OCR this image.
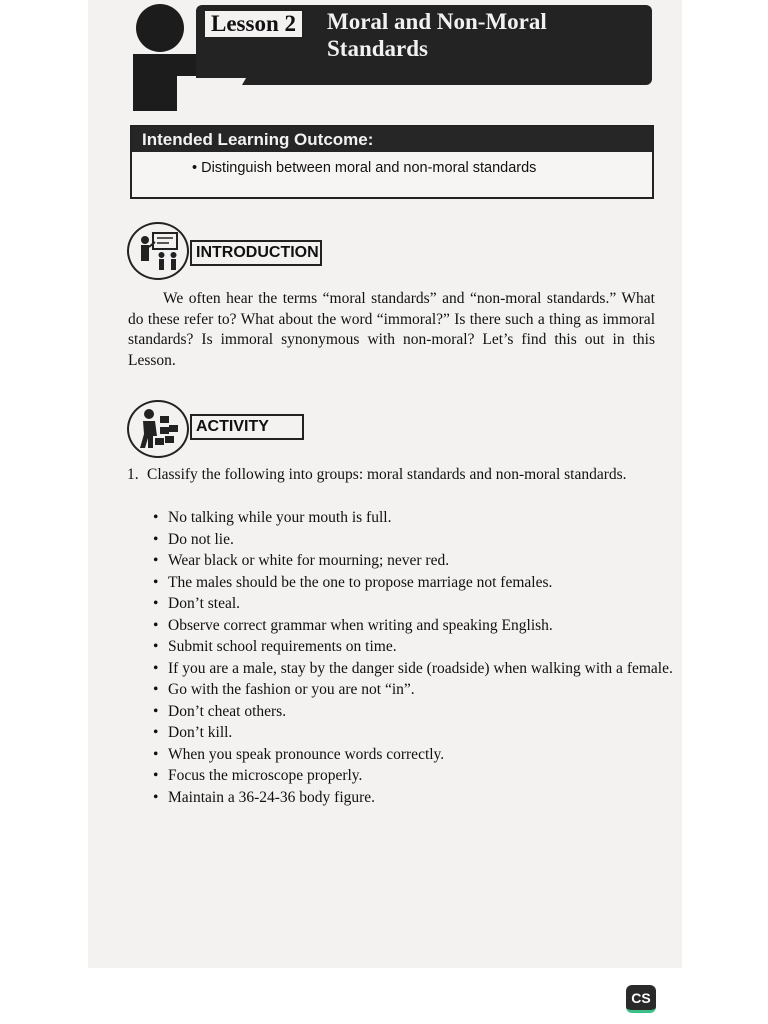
Lesson 2	Moral and Non-Moral Standards
Intended Learning Outcome:
• Distinguish between moral and non-moral standards
INTRODUCTION
We often hear the terms “moral standards” and “non-moral standards.” What do these refer to? What about the word “immoral?” Is there such a thing as immoral standards? Is immoral synonymous with non-moral? Let’s find this out in this Lesson.
ACTIVITY
1. Classify the following into groups: moral standards and non-moral standards.
• No talking while your mouth is full.
• Do not lie.
• Wear black or white for mourning; never red.
• The males should be the one to propose marriage not females.
• Don’t steal.
• Observe correct grammar when writing and speaking English.
• Submit school requirements on time.
• If you are a male, stay by the danger side (roadside) when walking with a female.
• Go with the fashion or you are not “in”.
• Don’t cheat others.
• Don’t kill.
• When you speak pronounce words correctly.
• Focus the microscope properly.
• Maintain a 36-24-36 body figure.
CS
